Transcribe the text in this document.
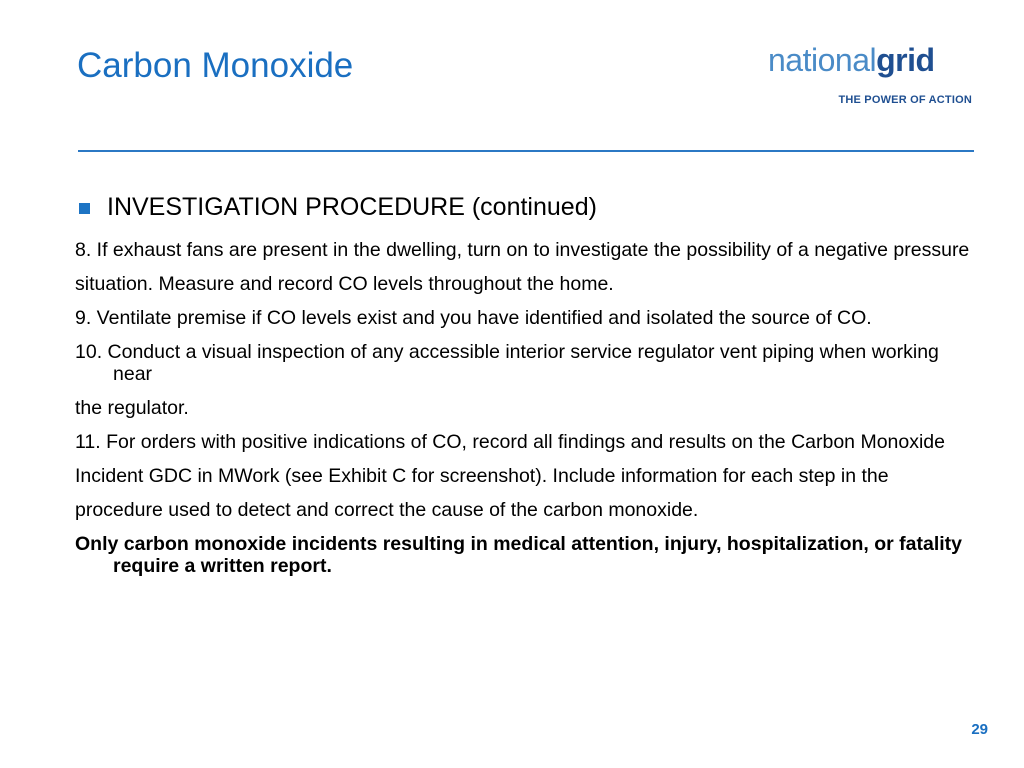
Carbon Monoxide	nationalgrid
THE POWER OF ACTION
INVESTIGATION PROCEDURE (continued)

8. If exhaust fans are present in the dwelling, turn on to investigate the possibility of a negative pressure

situation. Measure and record CO levels throughout the home.

9. Ventilate premise if CO levels exist and you have identified and isolated the source of CO.

10. Conduct a visual inspection of any accessible interior service regulator vent piping when working near

the regulator.

11. For orders with positive indications of CO, record all findings and results on the Carbon Monoxide

Incident GDC in MWork (see Exhibit C for screenshot). Include information for each step in the

procedure used to detect and correct the cause of the carbon monoxide.

Only carbon monoxide incidents resulting in medical attention, injury, hospitalization, or fatality require a written report.

29
